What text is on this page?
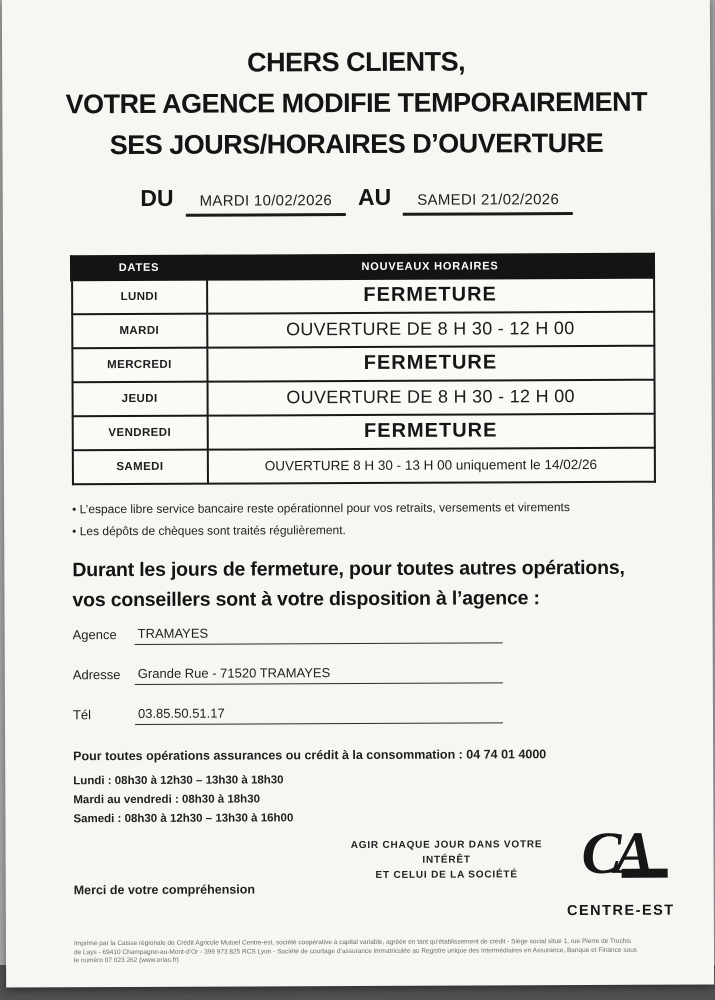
CHERS CLIENTS,
VOTRE AGENCE MODIFIE TEMPORAIREMENT
SES JOURS/HORAIRES D’OUVERTURE
DU	MARDI 10/02/2026	AU	SAMEDI 21/02/2026
DATES	NOUVEAUX HORAIRES
LUNDI	FERMETURE
MARDI	OUVERTURE DE 8 H 30 - 12 H 00
MERCREDI	FERMETURE
JEUDI	OUVERTURE DE 8 H 30 - 12 H 00
VENDREDI	FERMETURE
SAMEDI	OUVERTURE 8 H 30 - 13 H 00 uniquement le 14/02/26
• L’espace libre service bancaire reste opérationnel pour vos retraits, versements et virements
• Les dépôts de chèques sont traités régulièrement.
Durant les jours de fermeture, pour toutes autres opérations,
vos conseillers sont à votre disposition à l’agence :
Agence	TRAMAYES
Adresse	Grande Rue - 71520 TRAMAYES
Tél	03.85.50.51.17
Pour toutes opérations assurances ou crédit à la consommation : 04 74 01 4000
Lundi : 08h30 à 12h30 – 13h30 à 18h30
Mardi au vendredi : 08h30 à 18h30
Samedi : 08h30 à 12h30 – 13h30 à 16h00
AGIR CHAQUE JOUR DANS VOTRE INTÉRÊT
ET CELUI DE LA SOCIÉTÉ	CA
CENTRE-EST
Merci de votre compréhension
Imprimé par la Caisse régionale de Crédit Agricole Mutuel Centre-est, société coopérative à capital variable, agréée en tant qu’établissement de crédit - Siège social situé 1, rue Pierre de Truchis de Lays - 69410 Champagne-au-Mont-d’Or - 399 973 825 RCS Lyon - Société de courtage d’assurance immatriculée au Registre unique des Intermédiaires en Assurance, Banque et Finance sous le numéro 07 023 262 (www.orias.fr)
